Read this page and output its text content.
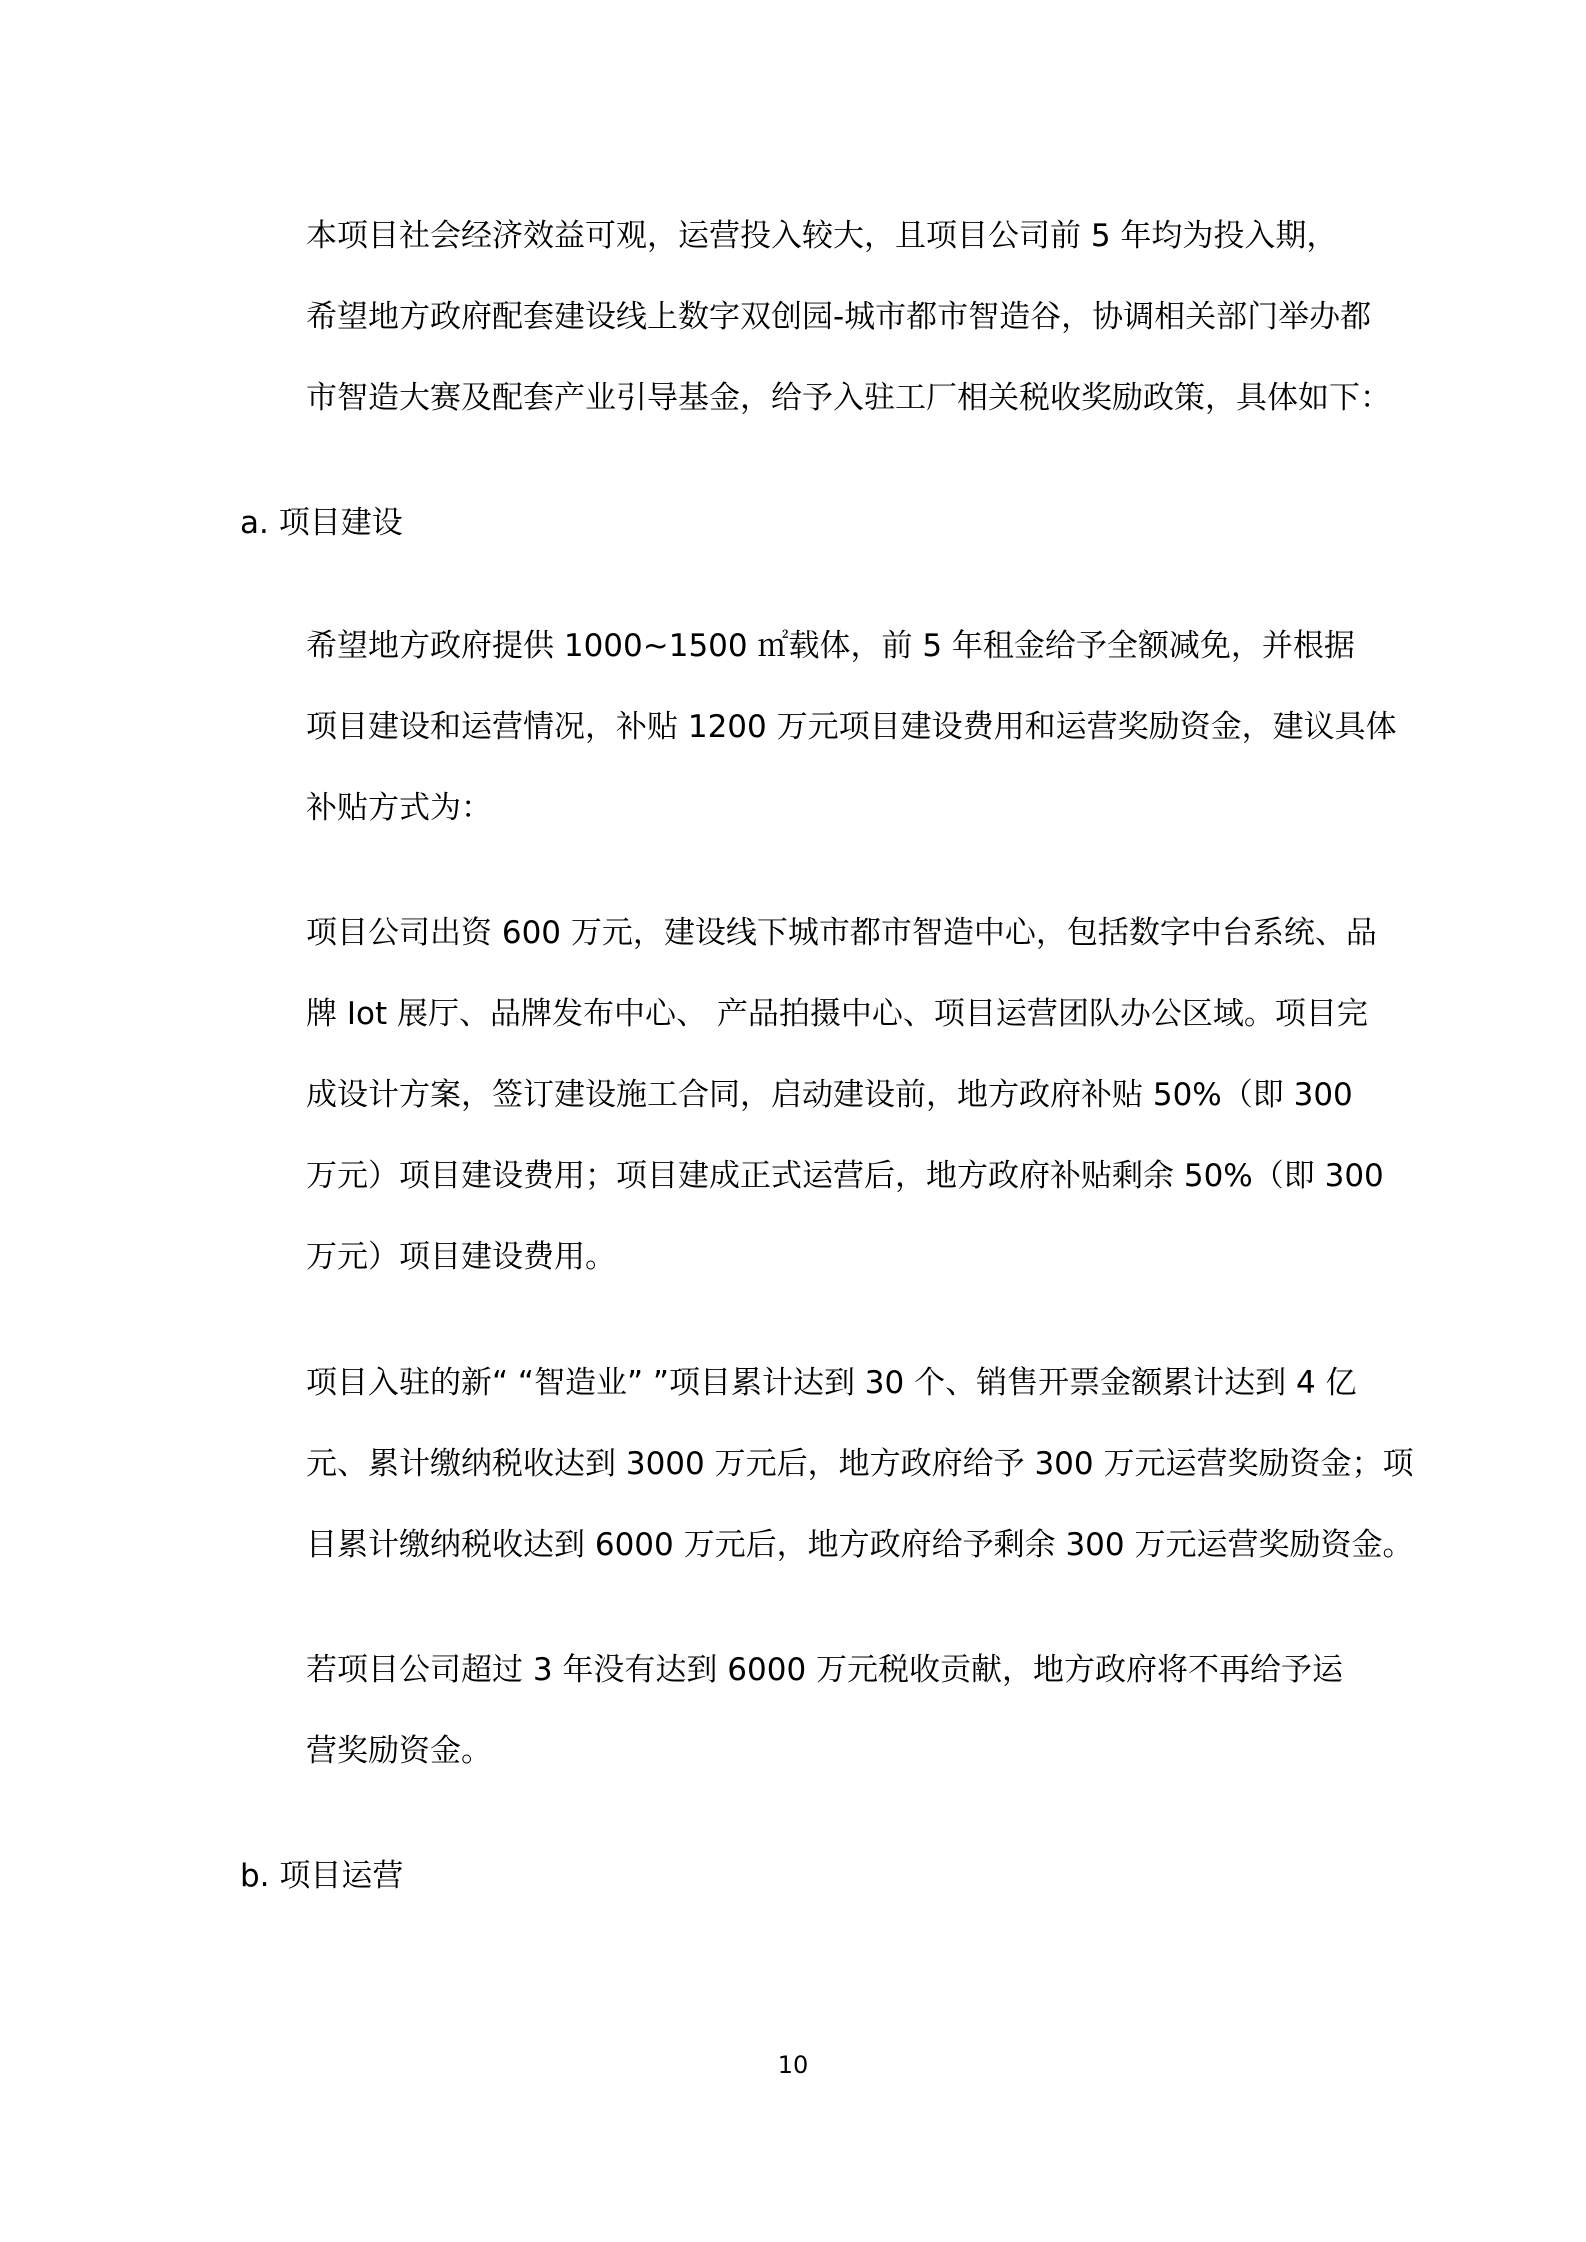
本项目社会经济效益可观，运营投入较大，且项目公司前 5 年均为投入期，
希望地方政府配套建设线上数字双创园-城市都市智造谷，协调相关部门举办都
市智造大赛及配套产业引导基金，给予入驻工厂相关税收奖励政策，具体如下：
a. 项目建设
希望地方政府提供 1000~1500 ㎡载体，前 5 年租金给予全额减免，并根据
项目建设和运营情况，补贴 1200 万元项目建设费用和运营奖励资金，建议具体
补贴方式为：
项目公司出资 600 万元，建设线下城市都市智造中心，包括数字中台系统、品
牌 Iot 展厅、品牌发布中心、 产品拍摄中心、项目运营团队办公区域。项目完
成设计方案，签订建设施工合同，启动建设前，地方政府补贴 50%（即 300
万元）项目建设费用；项目建成正式运营后，地方政府补贴剩余 50%（即 300
万元）项目建设费用。
项目入驻的新“ “智造业” ”项目累计达到 30 个、销售开票金额累计达到 4 亿
元、累计缴纳税收达到 3000 万元后，地方政府给予 300 万元运营奖励资金；项
目累计缴纳税收达到 6000 万元后，地方政府给予剩余 300 万元运营奖励资金。
若项目公司超过 3 年没有达到 6000 万元税收贡献，地方政府将不再给予运
营奖励资金。
b. 项目运营
10
